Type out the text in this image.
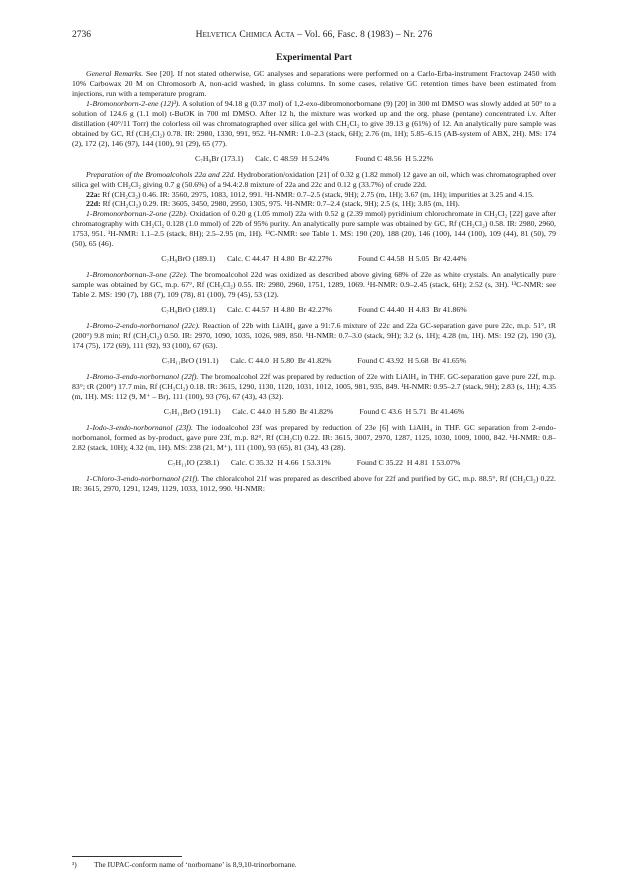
2736	Helvetica Chimica Acta – Vol. 66, Fasc. 8 (1983) – Nr. 276
Experimental Part

General Remarks. See [20]. If not stated otherwise, GC analyses and separations were performed on a Carlo-Erba-instrument Fractovap 2450 with 10% Carbowax 20 M on Chromosorb A, non-acid washed, in glass columns. In some cases, relative GC retention times have been estimated from injections, run with a temperature program.

1-Bromonorborn-2-ene (12)³). A solution of 94.18 g (0.37 mol) of 1,2-exo-dibromonorbornane (9) [20] in 300 ml DMSO was slowly added at 50° to a solution of 124.6 g (1.1 mol) t-BuOK in 700 ml DMSO. After 12 h, the mixture was worked up and the org. phase (pentane) concentrated i.v. After distillation (40°/11 Torr) the colorless oil was chromatographed over silica gel with CH₂Cl₂ to give 39.13 g (61%) of 12. An analytically pure sample was obtained by GC, Rf (CH₂Cl₂) 0.78. IR: 2980, 1330, 991, 952. ¹H-NMR: 1.0–2.3 (stack, 6H); 2.76 (m, 1H); 5.85–6.15 (AB-system of ABX, 2H). MS: 174 (2), 172 (2), 146 (97), 144 (100), 91 (29), 65 (77).

C₇H₉Br (173.1) Calc. C 48.59  H 5.24%	Found C 48.56  H 5.22%

Preparation of the Bromoalcohols 22a and 22d. Hydroboration/oxidation [21] of 0.32 g (1.82 mmol) 12 gave an oil, which was chromatographed over silica gel with CH₂Cl₂ giving 0.7 g (50.6%) of a 94.4:2.8 mixture of 22a and 22c and 0.12 g (33.7%) of crude 22d.

22a: Rf (CH₂Cl₂) 0.46. IR: 3560, 2975, 1083, 1012, 991. ¹H-NMR: 0.7–2.5 (stack, 9H); 2.75 (m, 1H); 3.67 (m, 1H); impurities at 3.25 and 4.15.

22d: Rf (CH₂Cl₂) 0.29. IR: 3605, 3450, 2980, 2950, 1305, 975. ¹H-NMR: 0.7–2.4 (stack, 9H); 2.5 (s, 1H); 3.85 (m, 1H).

1-Bromonorbornan-2-one (22b). Oxidation of 0.20 g (1.05 mmol) 22a with 0.52 g (2.39 mmol) pyridinium chlorochromate in CH₂Cl₂ [22] gave after chromatography with CH₂Cl₂ 0.128 (1.0 mmol) of 22b of 95% purity. An analytically pure sample was obtained by GC, Rf (CH₂Cl₂) 0.58. IR: 2980, 2960, 1753, 951. ¹H-NMR: 1.1–2.5 (stack, 8H); 2.5–2.95 (m, 1H). ¹³C-NMR: see Table 1. MS: 190 (20), 188 (20), 146 (100), 144 (100), 109 (44), 81 (50), 79 (50), 65 (46).

C₇H₉BrO (189.1) Calc. C 44.47  H 4.80  Br 42.27%	Found C 44.58  H 5.05  Br 42.44%

1-Bromonorbornan-3-one (22e). The bromoalcohol 22d was oxidized as described above giving 68% of 22e as white crystals. An analytically pure sample was obtained by GC, m.p. 67°, Rf (CH₂Cl₂) 0.55. IR: 2980, 2960, 1751, 1289, 1069. ¹H-NMR: 0.9–2.45 (stack, 6H); 2.52 (s, 3H). ¹³C-NMR: see Table 2. MS: 190 (7), 188 (7), 109 (78), 81 (100), 79 (45), 53 (12).

C₇H₉BrO (189.1) Calc. C 44.57  H 4.80  Br 42.27%	Found C 44.40  H 4.83  Br 41.86%

1-Bromo-2-endo-norbornanol (22c). Reaction of 22b with LiAlH₄ gave a 91:7.6 mixture of 22c and 22a GC-separation gave pure 22c, m.p. 51°, tR (200°) 9.8 min; Rf (CH₂Cl₂) 0.50. IR: 2970, 1090, 1035, 1026, 989, 850. ¹H-NMR: 0.7–3.0 (stack, 9H); 3.2 (s, 1H); 4.28 (m, 1H). MS: 192 (2), 190 (3), 174 (75), 172 (69), 111 (92), 93 (100), 67 (63).

C₇H₁₁BrO (191.1) Calc. C 44.0  H 5.80  Br 41.82%	Found C 43.92  H 5.68  Br 41.65%

1-Bromo-3-endo-norbornanol (22f). The bromoalcohol 22f was prepared by reduction of 22e with LiAlH₄ in THF. GC-separation gave pure 22f, m.p. 83°; tR (200°) 17.7 min, Rf (CH₂Cl₂) 0.18. IR: 3615, 1290, 1130, 1120, 1031, 1012, 1005, 981, 935, 849. ¹H-NMR: 0.95–2.7 (stack, 9H); 2.83 (s, 1H); 4.35 (m, 1H). MS: 112 (9, M⁺ – Br), 111 (100), 93 (76), 67 (43), 43 (32).

C₇H₁₁BrO (191.1) Calc. C 44.0  H 5.80  Br 41.82%	Found C 43.6  H 5.71  Br 41.46%

1-Iodo-3-endo-norbornanol (23f). The iodoalcohol 23f was prepared by reduction of 23e [6] with LiAlH₄ in THF. GC separation from 2-endo-norbornanol, formed as by-product, gave pure 23f, m.p. 82°, Rf (CH₂Cl) 0.22. IR: 3615, 3007, 2970, 1287, 1125, 1030, 1009, 1000, 842. ¹H-NMR: 0.8–2.82 (stack, 10H); 4.32 (m, 1H). MS: 238 (21, M⁺), 111 (100), 93 (65), 81 (34), 43 (28).

C₇H₁₁IO (238.1) Calc. C 35.32  H 4.66  I 53.31%	Found C 35.22  H 4.81  I 53.07%

1-Chloro-3-endo-norbornanol (21f). The chloralcohol 21f was prepared as described above for 22f and purified by GC, m.p. 88.5°, Rf (CH₂Cl₂) 0.22. IR: 3615, 2970, 1291, 1249, 1129, 1033, 1012, 990. ¹H-NMR:

³) The IUPAC-conform name of ‘norbornane’ is 8,9,10-trinorbornane.
